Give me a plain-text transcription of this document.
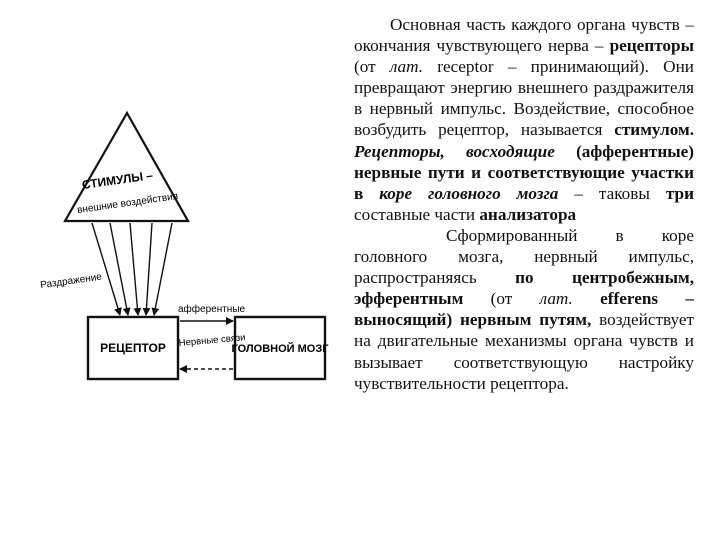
СТИМУЛЫ –
внешние воздействия
Раздражение
РЕЦЕПТОР	ГОЛОВНОЙ МОЗГ
афферентные
Нервные связи

Основная часть каждого органа чувств – окончания чувствующего нерва – рецепторы (от лат. receptor – принимающий). Они превращают энергию внешнего раздражителя в нервный импульс. Воздействие, способное возбудить рецептор, называется стимулом. Рецепторы, восходящие (афферентные) нервные пути и соответствующие участки в коре головного мозга – таковы три составные части анализатора

Сформированный в коре головного мозга, нервный импульс, распространяясь по центробежным, эфферентным (от лат. efferens – выносящий) нервным путям, воздействует на двигательные механизмы органа чувств и вызывает соответствующую настройку чувствительности рецептора.
